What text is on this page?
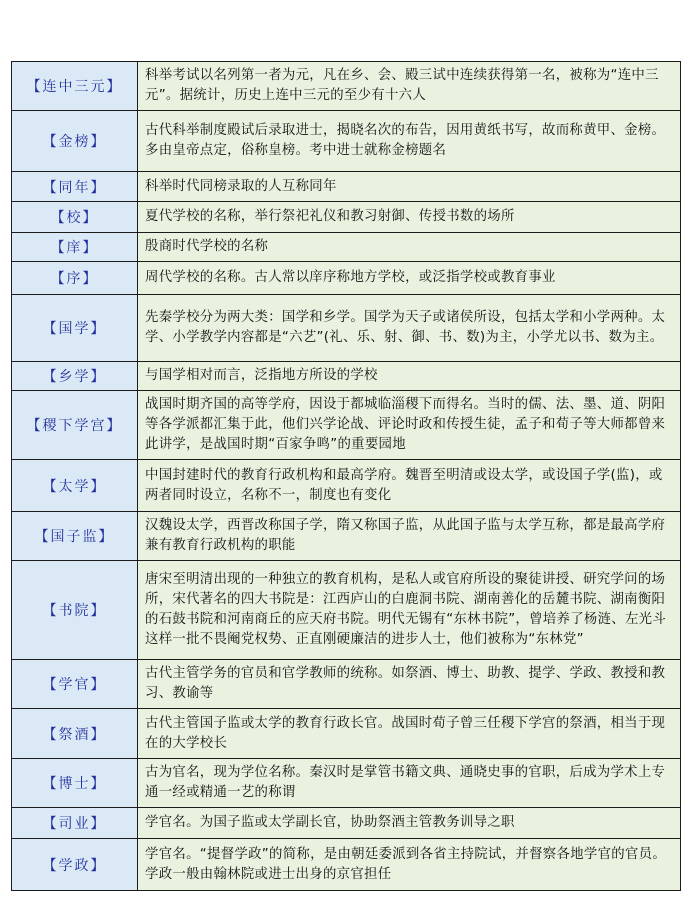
【连中三元】	科举考试以名列第一者为元，凡在乡、会、殿三试中连续获得第一名，被称为“连中三元”。据统计，历史上连中三元的至少有十六人
【金榜】	古代科举制度殿试后录取进士，揭晓名次的布告，因用黄纸书写，故而称黄甲、金榜。多由皇帝点定，俗称皇榜。考中进士就称金榜题名
【同年】	科举时代同榜录取的人互称同年
【校】	夏代学校的名称，举行祭祀礼仪和教习射御、传授书数的场所
【庠】	殷商时代学校的名称
【序】	周代学校的名称。古人常以庠序称地方学校，或泛指学校或教育事业
【国学】	先秦学校分为两大类：国学和乡学。国学为天子或诸侯所设，包括太学和小学两种。太学、小学教学内容都是“六艺”(礼、乐、射、御、书、数)为主，小学尤以书、数为主。
【乡学】	与国学相对而言，泛指地方所设的学校
【稷下学宫】	战国时期齐国的高等学府，因设于都城临淄稷下而得名。当时的儒、法、墨、道、阴阳等各学派都汇集于此，他们兴学论战、评论时政和传授生徒，孟子和荀子等大师都曾来此讲学，是战国时期“百家争鸣”的重要园地
【太学】	中国封建时代的教育行政机构和最高学府。魏晋至明清或设太学，或设国子学(监)，或两者同时设立，名称不一，制度也有变化
【国子监】	汉魏设太学，西晋改称国子学，隋又称国子监，从此国子监与太学互称，都是最高学府兼有教育行政机构的职能
【书院】	唐宋至明清出现的一种独立的教育机构，是私人或官府所设的聚徒讲授、研究学问的场所，宋代著名的四大书院是：江西庐山的白鹿洞书院、湖南善化的岳麓书院、湖南衡阳的石鼓书院和河南商丘的应天府书院。明代无锡有“东林书院”，曾培养了杨涟、左光斗这样一批不畏阉党权势、正直刚硬廉洁的进步人士，他们被称为“东林党”
【学官】	古代主管学务的官员和官学教师的统称。如祭酒、博士、助教、提学、学政、教授和教习、教谕等
【祭酒】	古代主管国子监或太学的教育行政长官。战国时荀子曾三任稷下学宫的祭酒，相当于现在的大学校长
【博士】	古为官名，现为学位名称。秦汉时是掌管书籍文典、通晓史事的官职，后成为学术上专通一经或精通一艺的称谓
【司业】	学官名。为国子监或太学副长官，协助祭酒主管教务训导之职
【学政】	学官名。“提督学政”的简称，是由朝廷委派到各省主持院试，并督察各地学官的官员。学政一般由翰林院或进士出身的京官担任
